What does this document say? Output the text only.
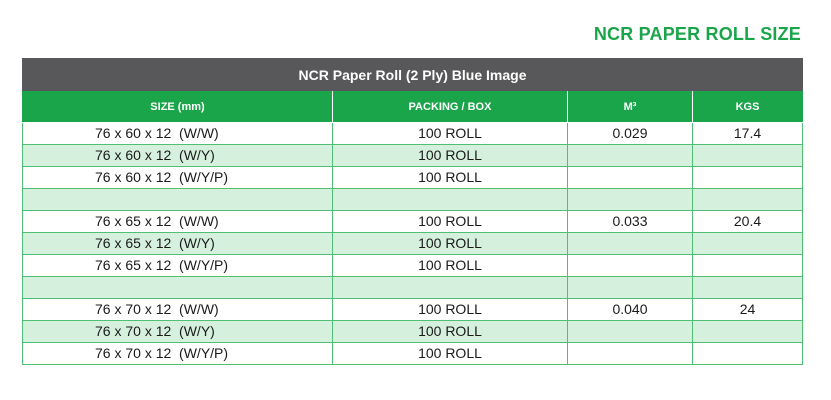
NCR PAPER ROLL SIZE
NCR Paper Roll (2 Ply) Blue Image			
SIZE (mm)	PACKING / BOX	M³	KGS
76 x 60 x 12  (W/W)	100 ROLL	0.029	17.4
76 x 60 x 12  (W/Y)	100 ROLL		
76 x 60 x 12  (W/Y/P)	100 ROLL		

76 x 65 x 12  (W/W)	100 ROLL	0.033	20.4
76 x 65 x 12  (W/Y)	100 ROLL		
76 x 65 x 12  (W/Y/P)	100 ROLL		

76 x 70 x 12  (W/W)	100 ROLL	0.040	24
76 x 70 x 12  (W/Y)	100 ROLL		
76 x 70 x 12  (W/Y/P)	100 ROLL		
